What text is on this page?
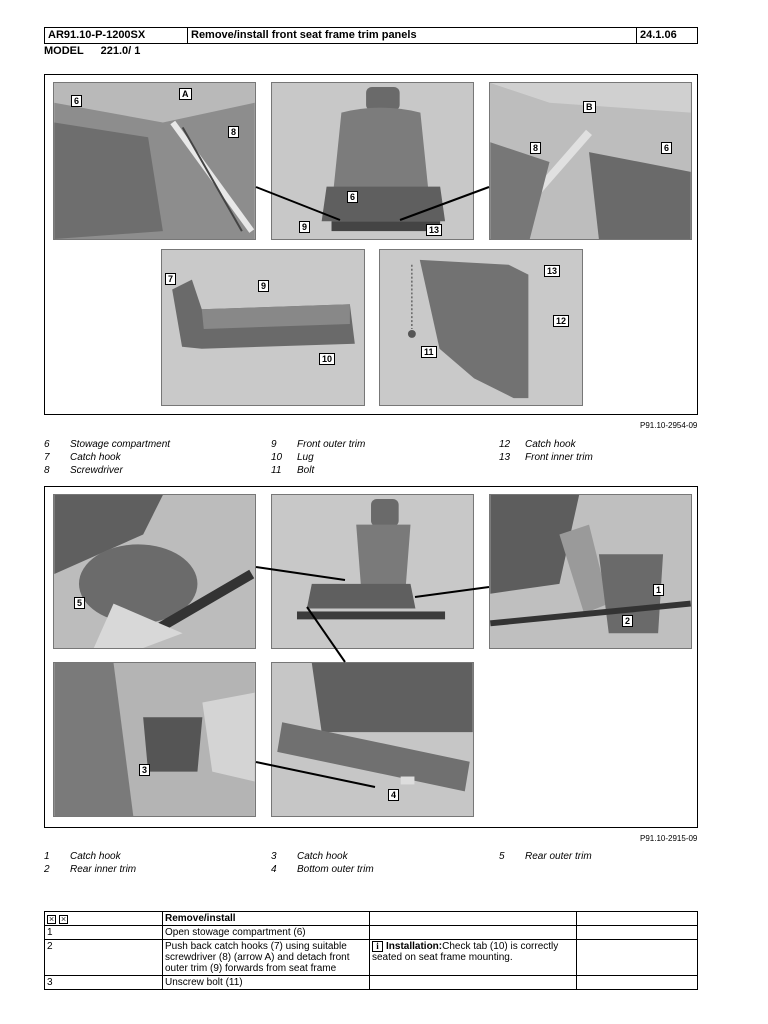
AR91.10-P-1200SX	Remove/install front seat frame trim panels	24.1.06
MODEL 221.0/ 1
A
6
8
6
9	13
B
8	6
7
9
10
13
12
11
P91.10-2954-09
6	Stowage compartment
7	Catch hook
8	Screwdriver
9	Front outer trim
10	Lug
11	Bolt
12	Catch hook
13	Front inner trim
5
1
2
3
4
P91.10-2915-09
1	Catch hook
2	Rear inner trim
3	Catch hook
4	Bottom outer trim
5	Rear outer trim
⨯ ⨯	Remove/install		
1	Open stowage compartment (6)		
2	Push back catch hooks (7) using suitable screwdriver (8) (arrow A) and detach front outer trim (9) forwards from seat frame	i Installation:Check tab (10) is correctly seated on seat frame mounting.	
3	Unscrew bolt (11)		
